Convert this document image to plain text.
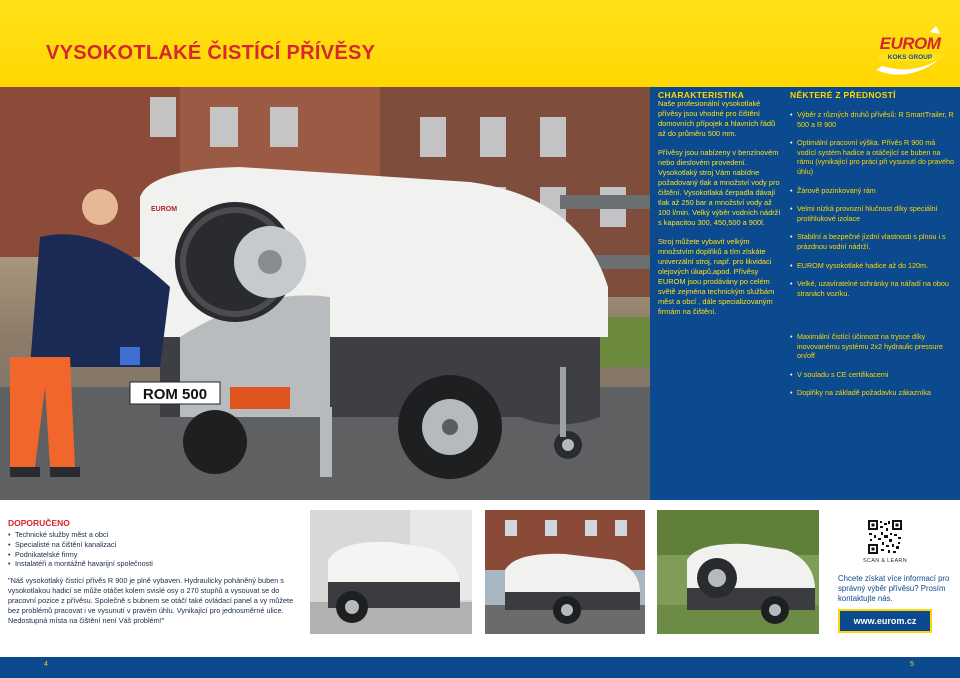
VYSOKOTLAKÉ ČISTÍCÍ PŘÍVĚSY	EUROM
KOKS GROUP
ROM 500
EUROM
CHARAKTERISTIKA

Naše profesionální vysokotlaké přívěsy jsou vhodné pro čištění domovních přípojek a hlavních řádů až do průměru 500 mm.

Přívěsy jsou nabízeny v benzínovém nebo dieslovém provedení. Vysokotlaký stroj Vám nabídne požadovaný tlak a množství vody pro čištění. Vysokotlaká čerpadla dávají tlak až 250 bar a množství vody až 100 l/min. Velký výběr vodních nádrží s kapacitou 300, 450,500 a 900l.

Stroj můžete vybavit velkým množstvím doplňků a tím získáte univerzální stroj, např. pro likvidaci olejových úkapů,apod. Přívěsy EUROM jsou prodávány po celém světě zejména technickým službám měst a obcí , dále specializovaným firmám na čištění.

NĚKTERÉ Z PŘEDNOSTÍ
• Výběr z různých druhů přívěsů: R SmartTrailer, R 500 a R 900
• Optimální pracovní výška. Přívěs R 900 má vodící systém hadice a otáčející se buben na rámu (vynikající pro práci při vysunutí do pravého úhlu)
• Žárově pozinkovaný rám
• Velmi nízká provozní hlučnost díky speciální protihlukové izolace
• Stabilní a bezpečné jízdní vlastnosti s plnou i s prázdnou vodní nádrží.
• EUROM vysokotlaké hadice až do 120m.
• Velké, uzavíratelné schránky na nářadí na obou stranách vozíku.
• Maximální čistící účinnost na trysce díky inovovanému systému 2x2 hydraulic pressure on/off
• V souladu s CE certifikacemi
• Doplňky na základě požadavku zákazníka
DOPORUČENO
• Technické služby měst a obcí
• Specialisté na čištění kanalizací
• Podnikatelské firmy
• Instalatéři a montážně havarijní společnosti
"Náš vysokotlaký čistící přívěs R 900 je plně vybaven. Hydraulicky poháněný buben s vysokotlakou hadicí se může otáčet kolem svislé osy o 270 stupňů a vysouvat se do pracovní pozice z přívěsu. Společně s bubnem se otáčí také ovládací panel a vy můžete bez problémů pracovat i ve vysunutí v pravém úhlu. Vynikající pro jednosměrné ulice. Nedostupná místa na čištění není Váš problém!"
SCAN & LEARN
Chcete získat více informací pro správný výběr přívěsu? Prosím kontaktujte nás.
www.eurom.cz
4	5
